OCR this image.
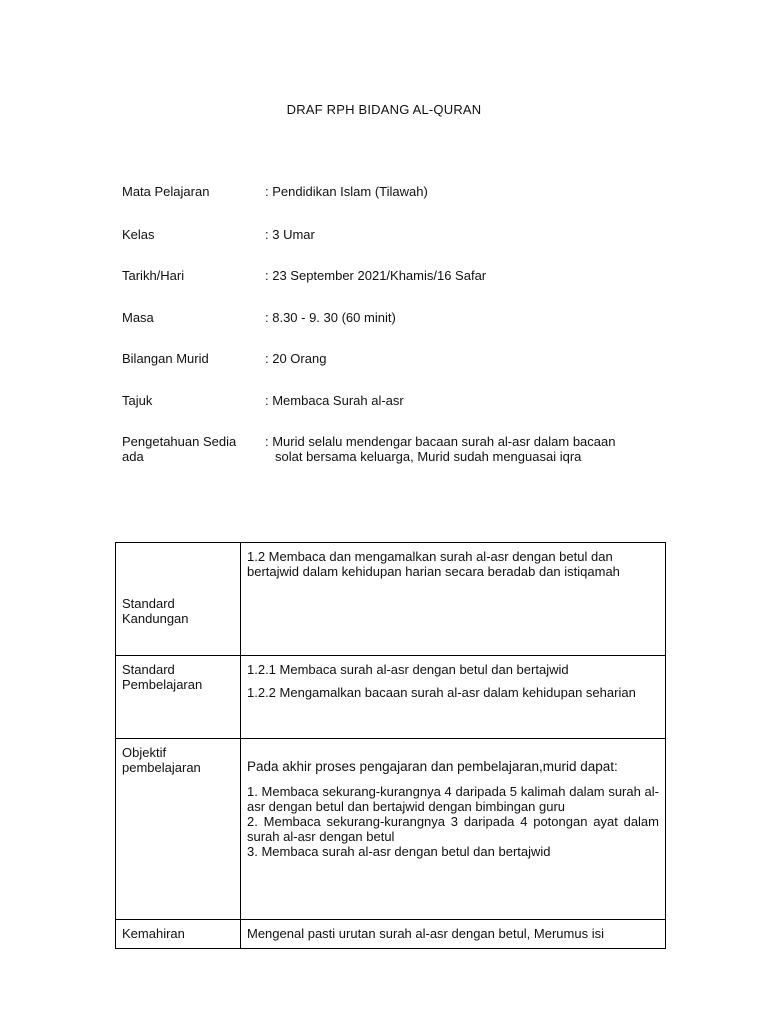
DRAF RPH BIDANG AL-QURAN
Mata Pelajaran	: Pendidikan Islam (Tilawah)
Kelas	: 3 Umar
Tarikh/Hari	: 23 September 2021/Khamis/16 Safar
Masa	: 8.30 - 9. 30 (60 minit)
Bilangan Murid	: 20 Orang
Tajuk	: Membaca Surah al-asr
Pengetahuan Sedia ada
: Murid selalu mendengar bacaan surah al-asr dalam bacaan
solat bersama keluarga, Murid sudah menguasai iqra
Standard Kandungan	1.2 Membaca dan mengamalkan surah al-asr dengan betul dan bertajwid dalam kehidupan harian secara beradab dan istiqamah
Standard Pembelajaran	1.2.1 Membaca surah al-asr dengan betul dan bertajwid
1.2.2 Mengamalkan bacaan surah al-asr dalam kehidupan seharian

Objektif pembelajaran	Pada akhir proses pengajaran dan pembelajaran,murid dapat:

1. Membaca sekurang-kurangnya 4 daripada 5 kalimah dalam surah al-asr dengan betul dan bertajwid dengan bimbingan guru

2. Membaca sekurang-kurangnya 3 daripada 4 potongan ayat dalam surah al-asr dengan betul

3. Membaca surah al-asr dengan betul dan bertajwid

Kemahiran	Mengenal pasti urutan surah al-asr dengan betul, Merumus isi
